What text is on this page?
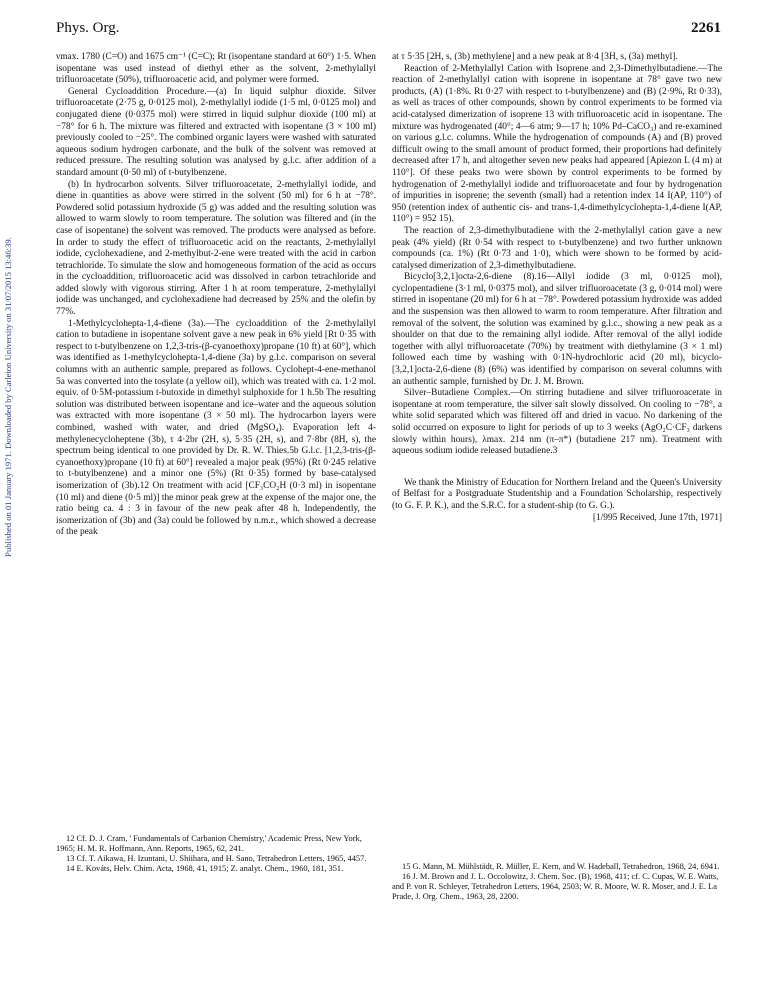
Phys. Org.	2261
Published on 01 January 1971. Downloaded by Carleton University on 31/07/2015 13:46:39.

νmax. 1780 (C=O) and 1675 cm⁻¹ (C=C); Rt (isopentane standard at 60°) 1·5. When isopentane was used instead of diethyl ether as the solvent, 2-methylallyl trifluoroacetate (50%), trifluoroacetic acid, and polymer were formed.

General Cycloaddition Procedure.—(a) In liquid sulphur dioxide. Silver trifluoroacetate (2·75 g, 0·0125 mol), 2-methylallyl iodide (1·5 ml, 0·0125 mol) and conjugated diene (0·0375 mol) were stirred in liquid sulphur dioxide (100 ml) at −78° for 6 h. The mixture was filtered and extracted with isopentane (3 × 100 ml) previously cooled to −25°. The combined organic layers were washed with saturated aqueous sodium hydrogen carbonate, and the bulk of the solvent was removed at reduced pressure. The resulting solution was analysed by g.l.c. after addition of a standard amount (0·50 ml) of t-butylbenzene.

(b) In hydrocarbon solvents. Silver trifluoroacetate, 2-methylallyl iodide, and diene in quantities as above were stirred in the solvent (50 ml) for 6 h at −78°. Powdered solid potassium hydroxide (5 g) was added and the resulting solution was allowed to warm slowly to room temperature. The solution was filtered and (in the case of isopentane) the solvent was removed. The products were analysed as before. In order to study the effect of trifluoroacetic acid on the reactants, 2-methylallyl iodide, cyclohexadiene, and 2-methylbut-2-ene were treated with the acid in carbon tetrachloride. To simulate the slow and homogeneous formation of the acid as occurs in the cycloaddition, trifluoroacetic acid was dissolved in carbon tetrachloride and added slowly with vigorous stirring. After 1 h at room temperature, 2-methylallyl iodide was unchanged, and cyclohexadiene had decreased by 25% and the olefin by 77%.

1-Methylcyclohepta-1,4-diene (3a).—The cycloaddition of the 2-methylallyl cation to butadiene in isopentane solvent gave a new peak in 6% yield [Rt 0·35 with respect to t-butylbenzene on 1,2,3-tris-(β-cyanoethoxy)propane (10 ft) at 60°], which was identified as 1-methylcyclohepta-1,4-diene (3a) by g.l.c. comparison on several columns with an authentic sample, prepared as follows. Cyclohept-4-ene-methanol 5a was converted into the tosylate (a yellow oil), which was treated with ca. 1·2 mol. equiv. of 0·5M-potassium t-butoxide in dimethyl sulphoxide for 1 h.5b The resulting solution was distributed between isopentane and ice–water and the aqueous solution was extracted with more isopentane (3 × 50 ml). The hydrocarbon layers were combined, washed with water, and dried (MgSO₄). Evaporation left 4-methylenecycloheptene (3b), τ 4·2br (2H, s), 5·35 (2H, s), and 7·8br (8H, s), the spectrum being identical to one provided by Dr. R. W. Thies.5b G.l.c. [1,2,3-tris-(β-cyanoethoxy)propane (10 ft) at 60°] revealed a major peak (95%) (Rt 0·245 relative to t-butylbenzene) and a minor one (5%) (Rt 0·35) formed by base-catalysed isomerization of (3b).12 On treatment with acid [CF₃CO₂H (0·3 ml) in isopentane (10 ml) and diene (0·5 ml)] the minor peak grew at the expense of the major one, the ratio being ca. 4 : 3 in favour of the new peak after 48 h. Independently, the isomerization of (3b) and (3a) could be followed by n.m.r., which showed a decrease of the peak

at τ 5·35 [2H, s, (3b) methylene] and a new peak at 8·4 [3H, s, (3a) methyl].

Reaction of 2-Methylallyl Cation with Isoprene and 2,3-Dimethylbutadiene.—The reaction of 2-methylallyl cation with isoprene in isopentane at 78° gave two new products, (A) (1·8%. Rt 0·27 with respect to t-butylbenzene) and (B) (2·9%, Rt 0·33), as well as traces of other compounds, shown by control experiments to be formed via acid-catalysed dimerization of isoprene 13 with trifluoroacetic acid in isopentane. The mixture was hydrogenated (40°; 4—6 atm; 9—17 h; 10% Pd–CaCO₃) and re-examined on various g.l.c. columns. While the hydrogenation of compounds (A) and (B) proved difficult owing to the small amount of product formed, their proportions had definitely decreased after 17 h, and altogether seven new peaks had appeared [Apiezon L (4 m) at 110°]. Of these peaks two were shown by control experiments to be formed by hydrogenation of 2-methylallyl iodide and trifluoroacetate and four by hydrogenation of impurities in isoprene; the seventh (small) had a retention index 14 I(AP, 110°) of 950 (retention index of authentic cis- and trans-1,4-dimethylcyclohepta-1,4-diene I(AP, 110°) = 952 15).

The reaction of 2,3-dimethylbutadiene with the 2-methylallyl cation gave a new peak (4% yield) (Rt 0·54 with respect to t-butylbenzene) and two further unknown compounds (ca. 1%) (Rt 0·73 and 1·0), which were shown to be formed by acid-catalysed dimerization of 2,3-dimethylbutadiene.

Bicyclo[3,2,1]octa-2,6-diene (8).16—Allyl iodide (3 ml, 0·0125 mol), cyclopentadiene (3·1 ml, 0·0375 mol), and silver trifluoroacetate (3 g, 0·014 mol) were stirred in isopentane (20 ml) for 6 h at −78°. Powdered potassium hydroxide was added and the suspension was then allowed to warm to room temperature. After filtration and removal of the solvent, the solution was examined by g.l.c., showing a new peak as a shoulder on that due to the remaining allyl iodide. After removal of the allyl iodide together with allyl trifluoroacetate (70%) by treatment with diethylamine (3 × 1 ml) followed each time by washing with 0·1N-hydrochloric acid (20 ml), bicyclo-[3,2,1]octa-2,6-diene (8) (6%) was identified by comparison on several columns with an authentic sample, furnished by Dr. J. M. Brown.

Silver–Butadiene Complex.—On stirring butadiene and silver trifluoroacetate in isopentane at room temperature, the silver salt slowly dissolved. On cooling to −78°, a white solid separated which was filtered off and dried in vacuo. No darkening of the solid occurred on exposure to light for periods of up to 3 weeks (AgO₂C·CF₃ darkens slowly within hours), λmax. 214 nm (π–π*) (butadiene 217 nm). Treatment with aqueous sodium iodide released butadiene.3

We thank the Ministry of Education for Northern Ireland and the Queen's University of Belfast for a Postgraduate Studentship and a Foundation Scholarship, respectively (to G. F. P. K.), and the S.R.C. for a student-ship (to G. G.).

[1/995 Received, June 17th, 1971]

12 Cf. D. J. Cram, ' Fundamentals of Carbanion Chemistry,' Academic Press, New York, 1965; H. M. R. Hoffmann, Ann. Reports, 1965, 62, 241.

13 Cf. T. Aikawa, H. Izuntani, U. Shiihara, and H. Sano, Tetrahedron Letters, 1965, 4457.

14 E. Kováts, Helv. Chim. Acta, 1968, 41, 1915; Z. analyt. Chem., 1960, 181, 351.	15 G. Mann, M. Mühlstädt, R. Müller, E. Kern, and W. Hadeball, Tetrahedron, 1968, 24, 6941.

16 J. M. Brown and J. L. Occolowitz, J. Chem. Soc. (B), 1968, 411; cf. C. Cupas, W. E. Watts, and P. von R. Schleyer, Tetrahedron Letters, 1964, 2503; W. R. Moore, W. R. Moser, and J. E. La Prade, J. Org. Chem., 1963, 28, 2200.
